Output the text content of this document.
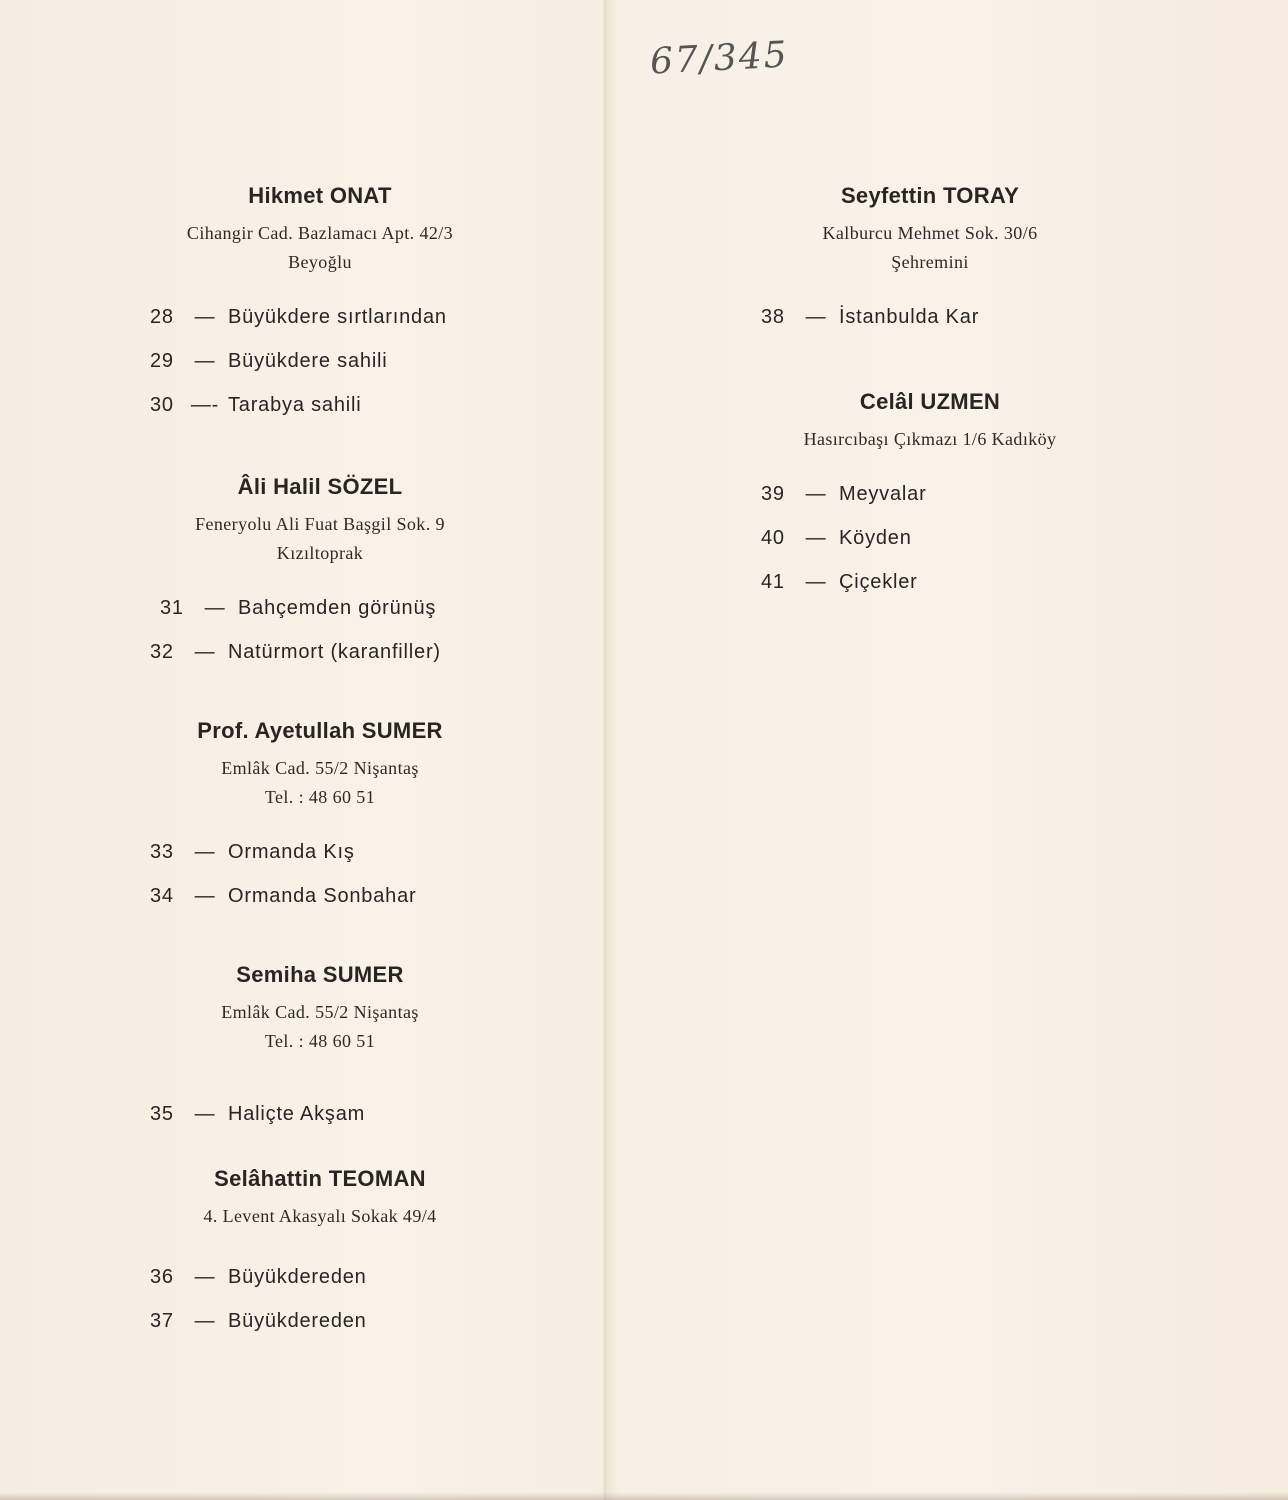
67/345
Hikmet ONAT
Cihangir Cad. Bazlamacı Apt. 42/3
Beyoğlu
28 — Büyükdere sırtlarından
29 — Büyükdere sahili
30 —- Tarabya sahili
Âli Halil SÖZEL
Feneryolu Ali Fuat Başgil Sok. 9
Kızıltoprak
31 — Bahçemden görünüş
32 — Natürmort (karanfiller)
Prof. Ayetullah SUMER
Emlâk Cad. 55/2 Nişantaş
Tel. : 48 60 51
33 — Ormanda Kış
34 — Ormanda Sonbahar
Semiha SUMER
Emlâk Cad. 55/2 Nişantaş
Tel. : 48 60 51
35 — Haliçte Akşam
Selâhattin TEOMAN
4. Levent Akasyalı Sokak 49/4
36 — Büyükdereden
37 — Büyükdereden
Seyfettin TORAY
Kalburcu Mehmet Sok. 30/6
Şehremini
38 — İstanbulda Kar
Celâl UZMEN
Hasırcıbaşı Çıkmazı 1/6 Kadıköy
39 — Meyvalar
40 — Köyden
41 — Çiçekler
